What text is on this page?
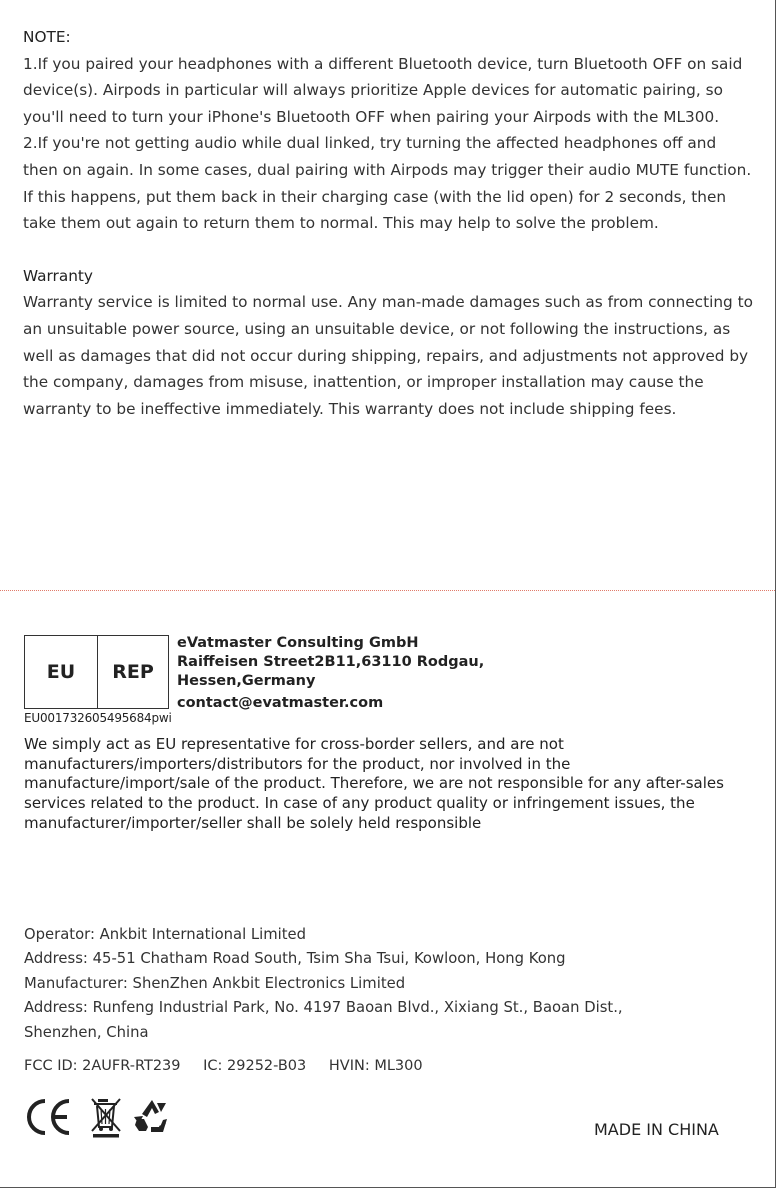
NOTE:

1.If you paired your headphones with a different Bluetooth device, turn Bluetooth OFF on said device(s). Airpods in particular will always prioritize Apple devices for automatic pairing, so you'll need to turn your iPhone's Bluetooth OFF when pairing your Airpods with the ML300.

2.If you're not getting audio while dual linked, try turning the affected headphones off and then on again. In some cases, dual pairing with Airpods may trigger their audio MUTE function. If this happens, put them back in their charging case (with the lid open) for 2 seconds, then take them out again to return them to normal. This may help to solve the problem.

Warranty

Warranty service is limited to normal use. Any man-made damages such as from connecting to an unsuitable power source, using an unsuitable device, or not following the instructions, as well as damages that did not occur during shipping, repairs, and adjustments not approved by the company, damages from misuse, inattention, or improper installation may cause the warranty to be ineffective immediately. This warranty does not include shipping fees.

EU	REP
EU001732605495684pwi
eVatmaster Consulting GmbH
Raiffeisen Street2B11,63110 Rodgau,
Hessen,Germany
contact@evatmaster.com

We simply act as EU representative for cross-border sellers, and are not manufacturers/importers/distributors for the product, nor involved in the manufacture/import/sale of the product. Therefore, we are not responsible for any after-sales services related to the product. In case of any product quality or infringement issues, the manufacturer/importer/seller shall be solely held responsible

Operator: Ankbit International Limited
Address: 45-51 Chatham Road South, Tsim Sha Tsui, Kowloon, Hong Kong
Manufacturer: ShenZhen Ankbit Electronics Limited
Address: Runfeng Industrial Park, No. 4197 Baoan Blvd., Xixiang St., Baoan Dist.,
Shenzhen, China
FCC ID: 2AUFR-RT239 IC: 29252-B03 HVIN: ML300
MADE IN CHINA
